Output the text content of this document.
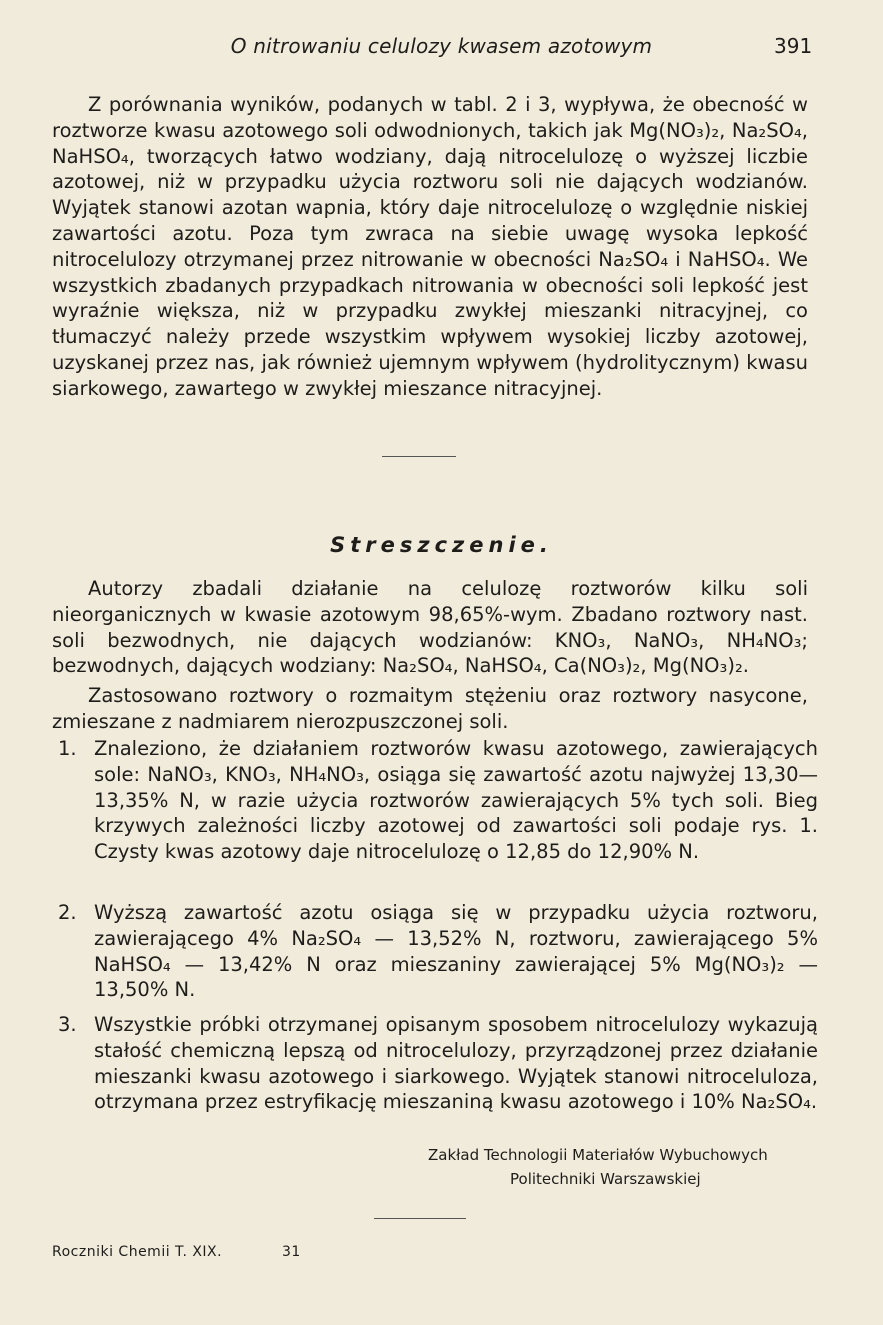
O nitrowaniu celulozy kwasem azotowym	391
Z porównania wyników, podanych w tabl. 2 i 3, wypływa, że obecność w roztworze kwasu azotowego soli odwodnionych, takich jak Mg(NO₃)₂, Na₂SO₄, NaHSO₄, tworzących łatwo wodziany, dają nitrocelulozę o wyższej liczbie azotowej, niż w przypadku użycia roztworu soli nie dających wodzianów. Wyjątek stanowi azotan wapnia, który daje nitrocelulozę o względnie niskiej zawartości azotu. Poza tym zwraca na siebie uwagę wysoka lepkość nitrocelulozy otrzymanej przez nitrowanie w obecności Na₂SO₄ i NaHSO₄. We wszystkich zbadanych przypadkach nitrowania w obecności soli lepkość jest wyraźnie większa, niż w przypadku zwykłej mieszanki nitracyjnej, co tłumaczyć należy przede wszystkim wpływem wysokiej liczby azotowej, uzyskanej przez nas, jak również ujemnym wpływem (hydrolitycznym) kwasu siarkowego, zawartego w zwykłej mieszance nitracyjnej.
Streszczenie.
Autorzy zbadali działanie na celulozę roztworów kilku soli nieorganicznych w kwasie azotowym 98,65%-wym. Zbadano roztwory nast. soli bezwodnych, nie dających wodzianów: KNO₃, NaNO₃, NH₄NO₃; bezwodnych, dających wodziany: Na₂SO₄, NaHSO₄, Ca(NO₃)₂, Mg(NO₃)₂.
Zastosowano roztwory o rozmaitym stężeniu oraz roztwory nasycone, zmieszane z nadmiarem nierozpuszczonej soli.
1. Znaleziono, że działaniem roztworów kwasu azotowego, zawierających sole: NaNO₃, KNO₃, NH₄NO₃, osiąga się zawartość azotu najwyżej 13,30—13,35% N, w razie użycia roztworów zawierających 5% tych soli. Bieg krzywych zależności liczby azotowej od zawartości soli podaje rys. 1. Czysty kwas azotowy daje nitrocelulozę o 12,85 do 12,90% N.
2. Wyższą zawartość azotu osiąga się w przypadku użycia roztworu, zawierającego 4% Na₂SO₄ — 13,52% N, roztworu, zawierającego 5% NaHSO₄ — 13,42% N oraz mieszaniny zawierającej 5% Mg(NO₃)₂ — 13,50% N.
3. Wszystkie próbki otrzymanej opisanym sposobem nitrocelulozy wykazują stałość chemiczną lepszą od nitrocelulozy, przyrządzonej przez działanie mieszanki kwasu azotowego i siarkowego. Wyjątek stanowi nitroceluloza, otrzymana przez estryfikację mieszaniną kwasu azotowego i 10% Na₂SO₄.
Zakład Technologii Materiałów Wybuchowych
Politechniki Warszawskiej
Roczniki Chemii T. XIX.	31
